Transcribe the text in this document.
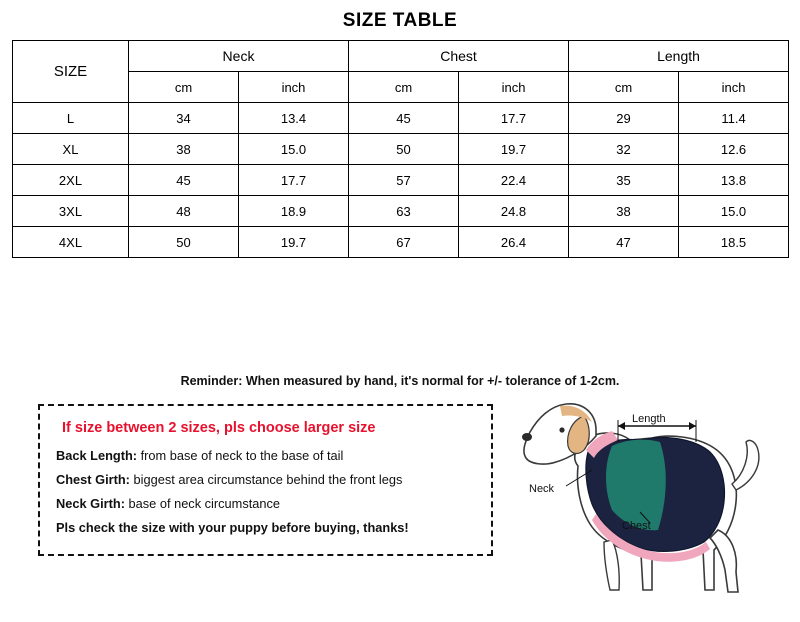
SIZE TABLE
SIZE	Neck		Chest		Length	
	cm	inch	cm	inch	cm	inch
L	34	13.4	45	17.7	29	11.4
XL	38	15.0	50	19.7	32	12.6
2XL	45	17.7	57	22.4	35	13.8
3XL	48	18.9	63	24.8	38	15.0
4XL	50	19.7	67	26.4	47	18.5
Reminder: When measured by hand, it's normal for +/- tolerance of 1-2cm.
If size between 2 sizes, pls choose larger size
Back Length: from base of neck to the base of tail
Chest Girth: biggest area circumstance behind the front legs
Neck Girth: base of neck circumstance
Pls check the size with your puppy before buying, thanks!
Length
Neck
Chest
